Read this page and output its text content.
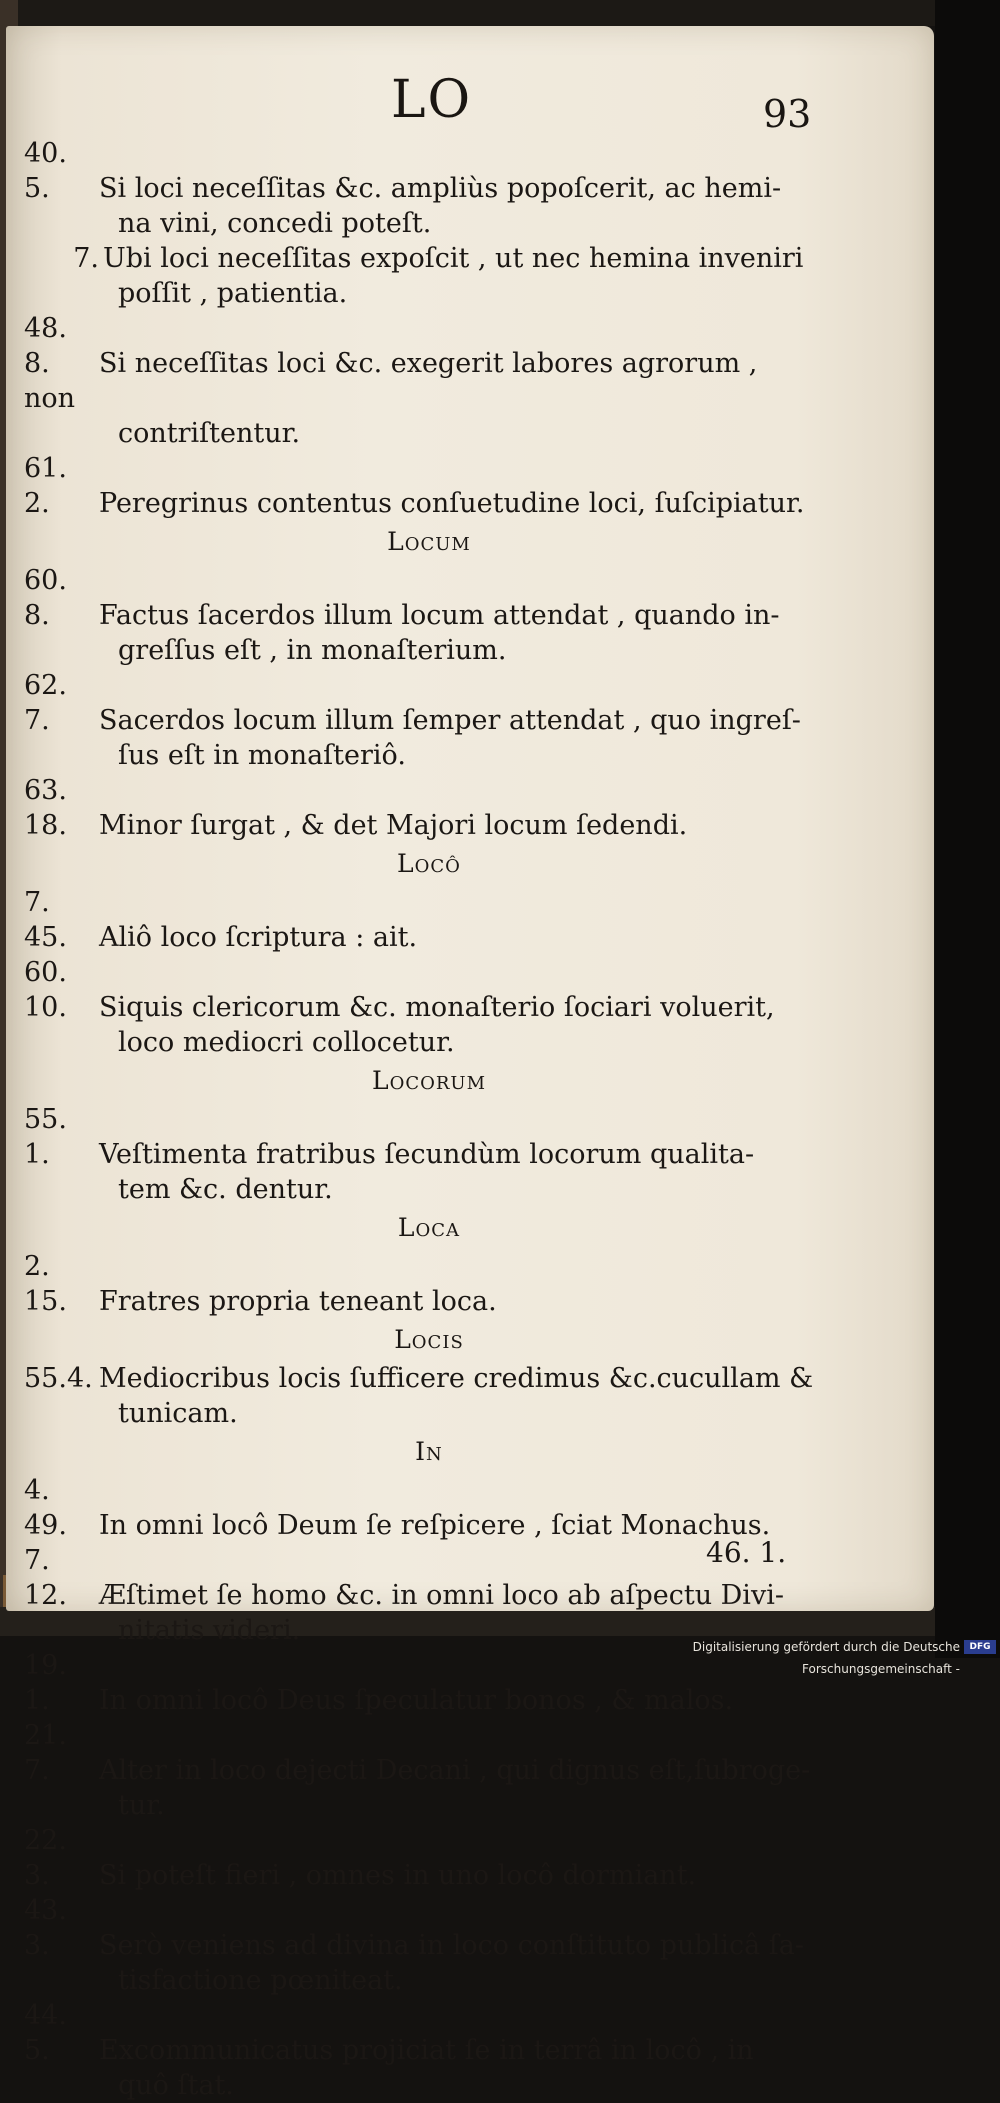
LO	93
40. 5. Si loci neceſſitas &c. ampliùs popoſcerit, ac hemi-
na vini, concedi poteſt.
7. Ubi loci neceſſitas expoſcit , ut nec hemina inveniri
poſſit , patientia.
48. 8. Si neceſſitas loci &c. exegerit labores agrorum , non
contriſtentur.
61. 2. Peregrinus contentus conſuetudine loci, ſuſcipiatur.
Locum
60. 8. Factus ſacerdos illum locum attendat , quando in-
greſſus eſt , in monaſterium.
62. 7. Sacerdos locum illum ſemper attendat , quo ingreſ-
ſus eſt in monaſteriô.
63. 18. Minor ſurgat , & det Majori locum ſedendi.
Locô
7. 45. Aliô loco ſcriptura : ait.
60. 10. Siquis clericorum &c. monaſterio ſociari voluerit,
loco mediocri collocetur.
Locorum
55. 1. Veſtimenta fratribus ſecundùm locorum qualita-
tem &c. dentur.
Loca
2. 15. Fratres propria teneant loca.
Locis
55.4. Mediocribus locis ſufficere credimus &c.cucullam &
tunicam.
In
4. 49. In omni locô Deum ſe reſpicere , ſciat Monachus.
7. 12. Æſtimet ſe homo &c. in omni loco ab aſpectu Divi-
nitatis videri.
19. 1. In omni locô Deus ſpeculatur bonos , & malos.
21. 7. Alter in loco dejecti Decani , qui dignus eſt,ſubroge-
tur.
22. 3. Si poteſt fieri , omnes in uno locô dormiant.
43. 3. Serò veniens ad divina in loco conſtituto publicâ ſa-
tisfactione pœniteat.
44. 5. Excommunicatus projiciat ſe in terrâ in locô , in
quô ſtat.
46. 1.
Digitalisierung gefördert durch die Deutsche Forschungsgemeinschaft -
DFG
